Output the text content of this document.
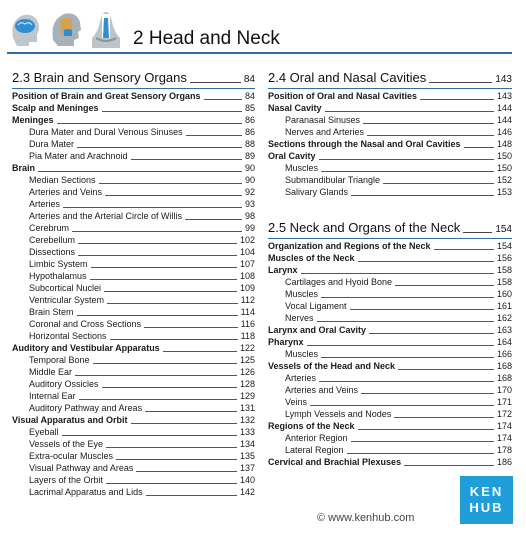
2 Head and Neck
2.3 Brain and Sensory Organs	84
Position of Brain and Great Sensory Organs	84
Scalp and Meninges	85
Meninges	86
Dura Mater and Dural Venous Sinuses	86
Dura Mater	88
Pia Mater and Arachnoid	89
Brain	90
Median Sections	90
Arteries and Veins	92
Arteries	93
Arteries and the Arterial Circle of Willis	98
Cerebrum	99
Cerebellum	102
Dissections	104
Limbic System	107
Hypothalamus	108
Subcortical Nuclei	109
Ventricular System	112
Brain Stem	114
Coronal and Cross Sections	116
Horizontal Sections	118
Auditory and Vestibular Apparatus	122
Temporal Bone	125
Middle Ear	126
Auditory Ossicles	128
Internal Ear	129
Auditory Pathway and Areas	131
Visual Apparatus and Orbit	132
Eyeball	133
Vessels of the Eye	134
Extra-ocular Muscles	135
Visual Pathway and Areas	137
Layers of the Orbit	140
Lacrimal Apparatus and Lids	142
2.4 Oral and Nasal Cavities	143
Position of Oral and Nasal Cavities	143
Nasal Cavity	144
Paranasal Sinuses	144
Nerves and Arteries	146
Sections through the Nasal and Oral Cavities	148
Oral Cavity	150
Muscles	150
Submandibular Triangle	152
Salivary Glands	153
2.5 Neck and Organs of the Neck	154
Organization and Regions of the Neck	154
Muscles of the Neck	156
Larynx	158
Cartilages and Hyoid Bone	158
Muscles	160
Vocal Ligament	161
Nerves	162
Larynx and Oral Cavity	163
Pharynx	164
Muscles	166
Vessels of the Head and Neck	168
Arteries	168
Arteries and Veins	170
Veins	171
Lymph Vessels and Nodes	172
Regions of the Neck	174
Anterior Region	174
Lateral Region	178
Cervical and Brachial Plexuses	186
© www.kenhub.com
KEN
HUB
